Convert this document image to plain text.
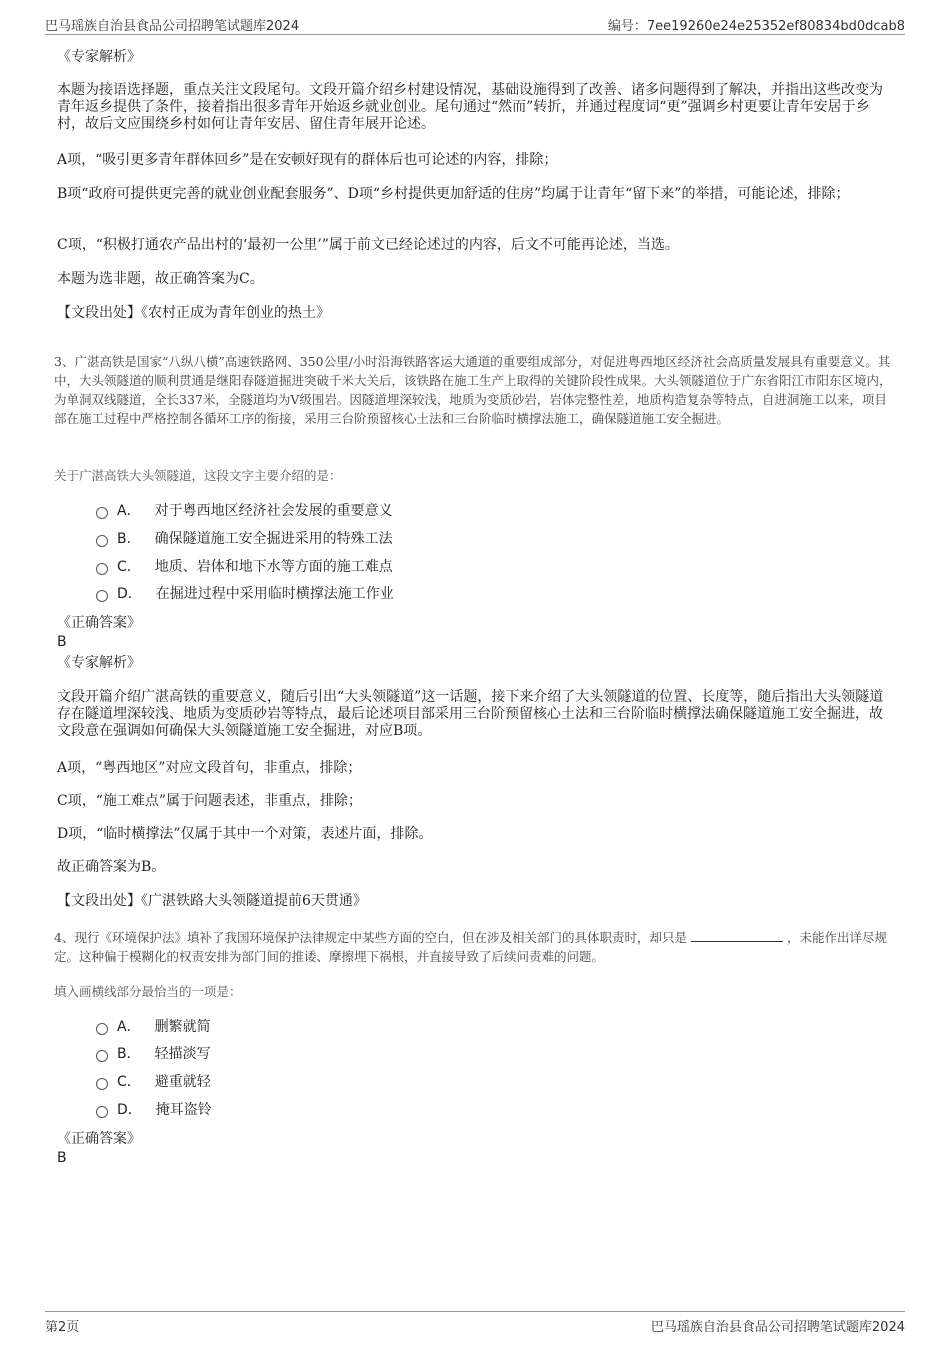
巴马瑶族自治县食品公司招聘笔试题库2024	编号：7ee19260e24e25352ef80834bd0dcab8

《专家解析》

本题为接语选择题，重点关注文段尾句。文段开篇介绍乡村建设情况，基础设施得到了改善、诸多问题得到了解决，并指出这些改变为青年返乡提供了条件，接着指出很多青年开始返乡就业创业。尾句通过“然而”转折，并通过程度词“更”强调乡村更要让青年安居于乡村，故后文应围绕乡村如何让青年安居、留住青年展开论述。

A项，“吸引更多青年群体回乡”是在安顿好现有的群体后也可论述的内容，排除；

B项“政府可提供更完善的就业创业配套服务”、D项“乡村提供更加舒适的住房”均属于让青年“留下来”的举措，可能论述，排除；

C项，“积极打通农产品出村的‘最初一公里’”属于前文已经论述过的内容，后文不可能再论述，当选。

本题为选非题，故正确答案为C。

【文段出处】《农村正成为青年创业的热土》

3、广湛高铁是国家“八纵八横”高速铁路网、350公里/小时沿海铁路客运大通道的重要组成部分，对促进粤西地区经济社会高质量发展具有重要意义。其中，大头领隧道的顺利贯通是继阳春隧道掘进突破千米大关后，该铁路在施工生产上取得的关键阶段性成果。大头领隧道位于广东省阳江市阳东区境内，为单洞双线隧道，全长337米，全隧道均为V级围岩。因隧道埋深较浅，地质为变质砂岩，岩体完整性差，地质构造复杂等特点，自进洞施工以来，项目部在施工过程中严格控制各循环工序的衔接，采用三台阶预留核心土法和三台阶临时横撑法施工，确保隧道施工安全掘进。

关于广湛高铁大头领隧道，这段文字主要介绍的是：

A． 对于粤西地区经济社会发展的重要意义
B． 确保隧道施工安全掘进采用的特殊工法
C． 地质、岩体和地下水等方面的施工难点
D． 在掘进过程中采用临时横撑法施工作业

《正确答案》

B

《专家解析》

文段开篇介绍广湛高铁的重要意义，随后引出“大头领隧道”这一话题，接下来介绍了大头领隧道的位置、长度等，随后指出大头领隧道存在隧道埋深较浅、地质为变质砂岩等特点，最后论述项目部采用三台阶预留核心土法和三台阶临时横撑法确保隧道施工安全掘进，故文段意在强调如何确保大头领隧道施工安全掘进，对应B项。

A项，“粤西地区”对应文段首句，非重点，排除；

C项，“施工难点”属于问题表述，非重点，排除；

D项，“临时横撑法”仅属于其中一个对策，表述片面，排除。

故正确答案为B。

【文段出处】《广湛铁路大头领隧道提前6天贯通》

4、现行《环境保护法》填补了我国环境保护法律规定中某些方面的空白，但在涉及相关部门的具体职责时，却只是	，未能作出详尽规定。这种偏于模糊化的权责安排为部门间的推诿、摩擦埋下祸根，并直接导致了后续问责难的问题。

填入画横线部分最恰当的一项是：

A． 删繁就简
B． 轻描淡写
C． 避重就轻
D． 掩耳盗铃

《正确答案》

B

第2页	巴马瑶族自治县食品公司招聘笔试题库2024
